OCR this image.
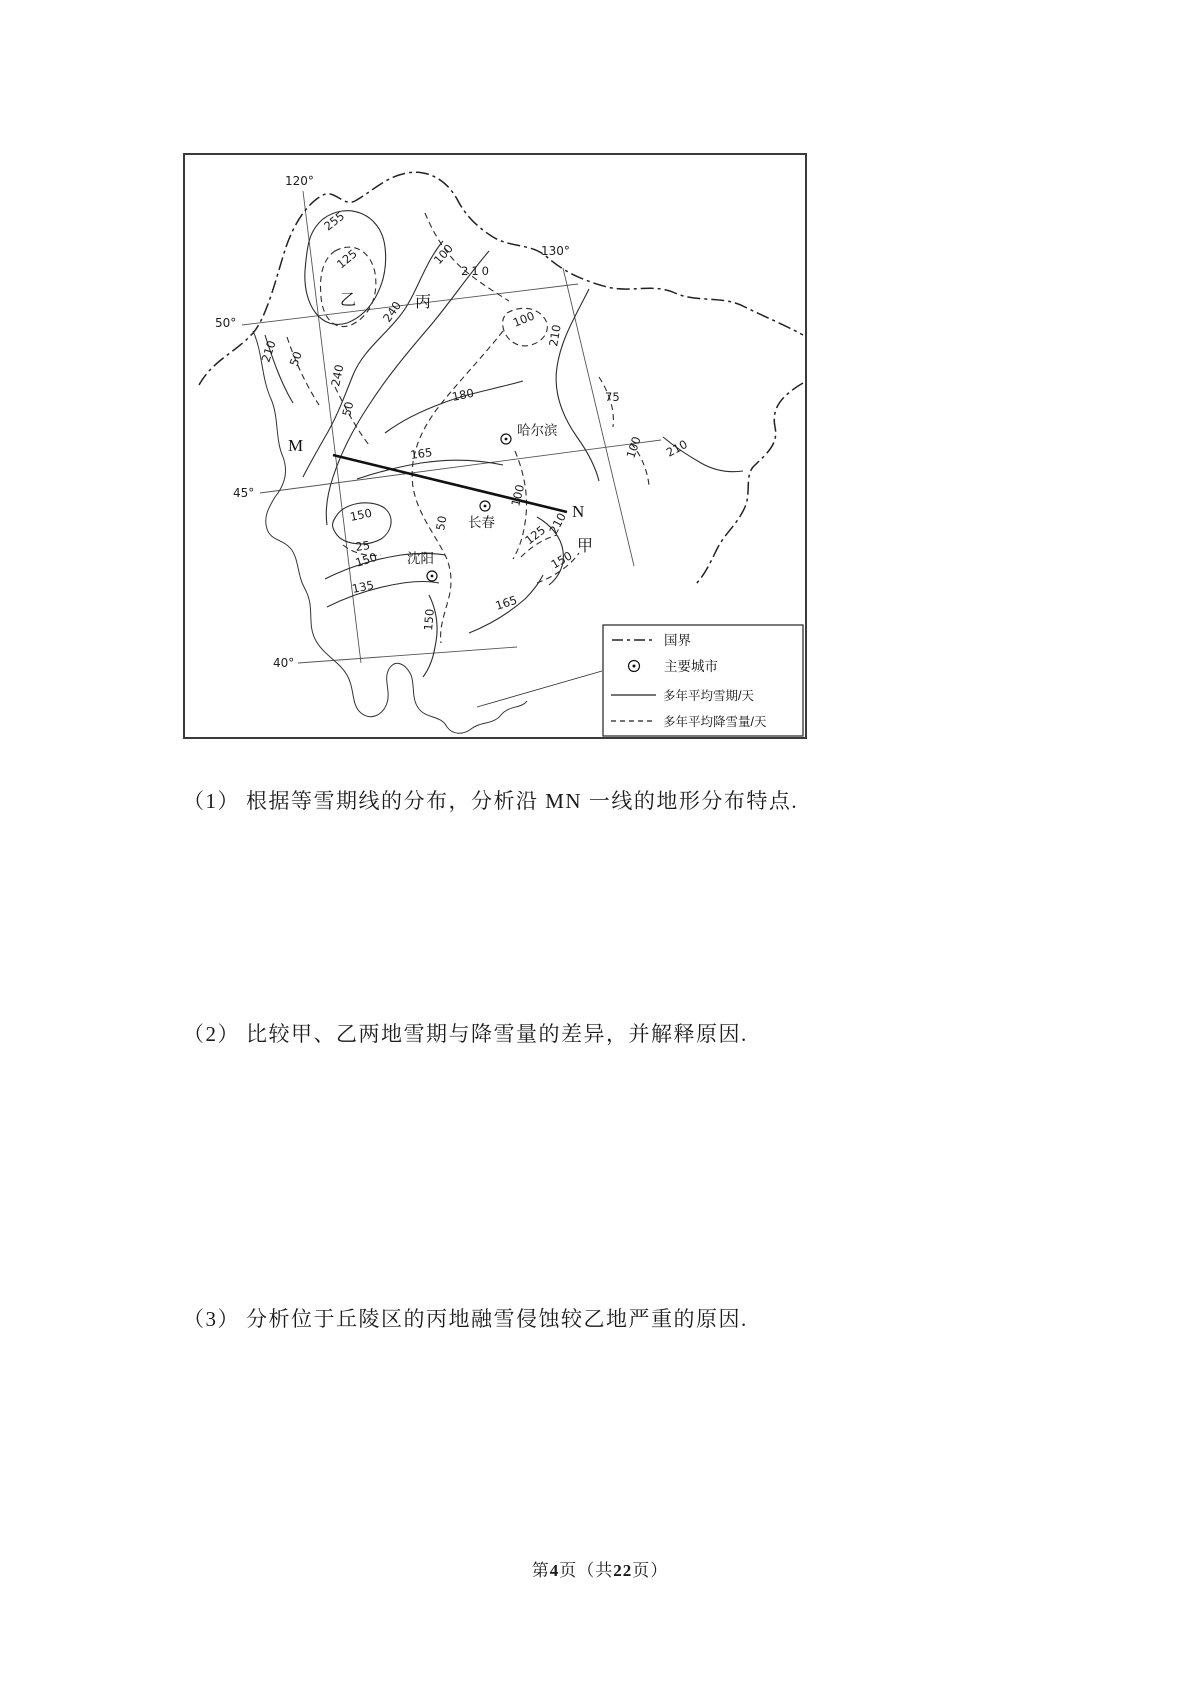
120°
130°
50°
45°
40°
255
240
240
210
210
210
210
210
180
165
165
150
150
150
135
125
125
100
100
100
100
75
50
50
50
25
150
哈尔滨
长春
沈阳
乙	丙
甲
M
N
国界
主要城市
多年平均雪期/天
多年平均降雪量/天
（1） 根据等雪期线的分布，分析沿 MN 一线的地形分布特点.
（2） 比较甲、乙两地雪期与降雪量的差异，并解释原因.
（3） 分析位于丘陵区的丙地融雪侵蚀较乙地严重的原因.
第4页（共22页）
